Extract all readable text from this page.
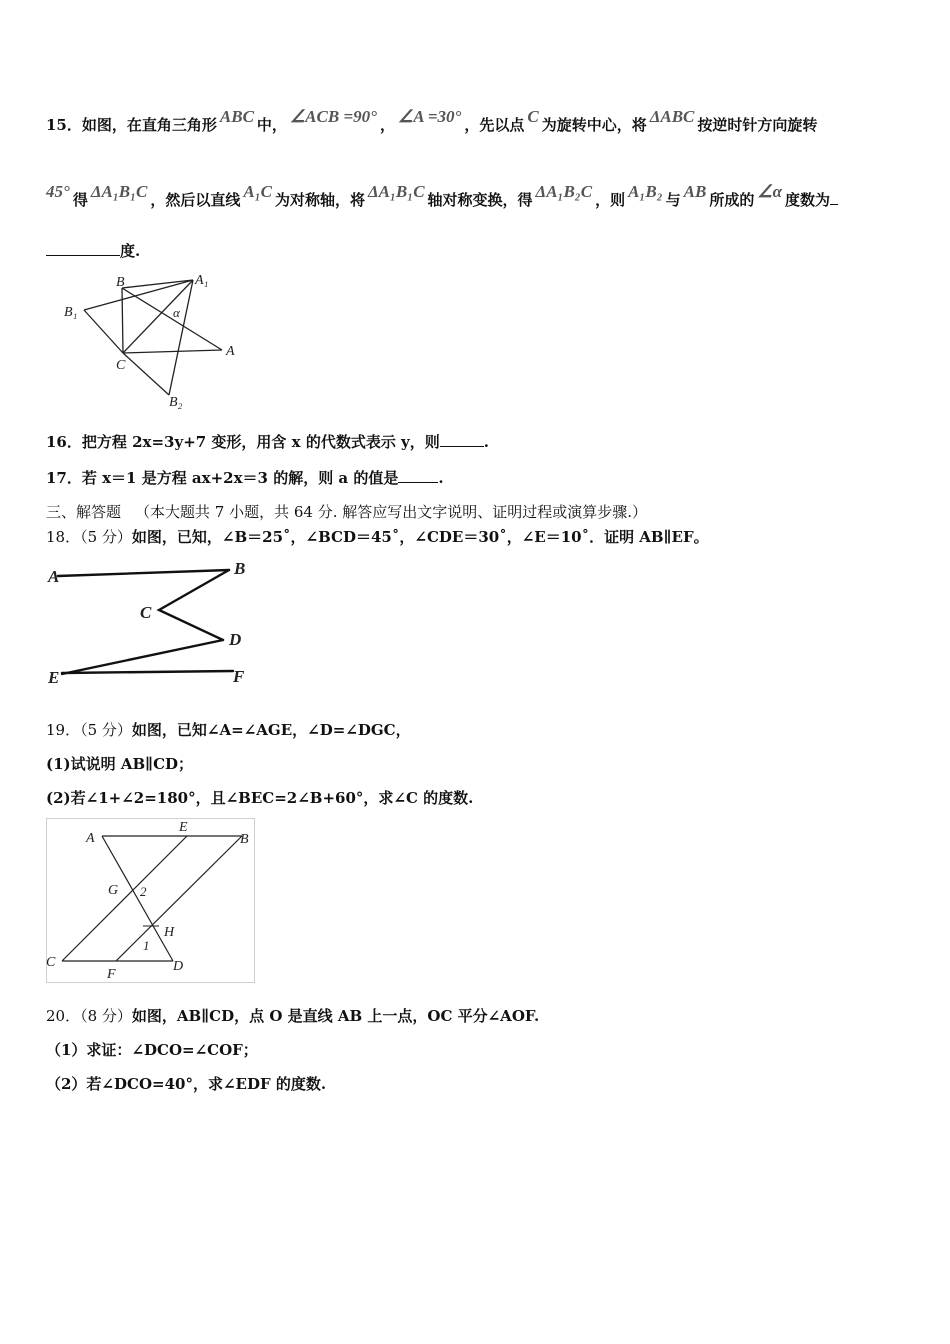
15．如图，在直角三角形 ABC 中， ∠ACB =90° ， ∠A =30° ，先以点 C 为旋转中心，将 ΔABC 按逆时针方向旋转
45° 得 ΔA₁B₁C ，然后以直线 A₁C 为对称轴，将 ΔA₁B₁C 轴对称变换，得 ΔA₁B₂C ，则 A₁B₂ 与 AB 所成的 ∠α 度数为
度.
B	A₁
B₁	α
C
A
B₂
16．把方程 2x=3y+7 变形，用含 x 的代数式表示 y，则	.
17．若 x＝1 是方程 ax+2x＝3 的解，则 a 的值是	.
三、解答题 （本大题共 7 小题，共 64 分. 解答应写出文字说明、证明过程或演算步骤.）
18．（5 分）如图，已知，∠B＝25˚，∠BCD＝45˚，∠CDE＝30˚，∠E＝10˚．证明 AB∥EF。
A	B
C
D
E	F
19．（5 分）如图，已知∠A=∠AGE，∠D=∠DGC，
(1)试说明 AB∥CD；
(2)若∠1+∠2=180°，且∠BEC=2∠B+60°，求∠C 的度数.
A
E
B
G 2
H
1
C
F
D
20．（8 分）如图，AB∥CD，点 O 是直线 AB 上一点，OC 平分∠AOF.
（1）求证：∠DCO=∠COF；
（2）若∠DCO=40°，求∠EDF 的度数.
